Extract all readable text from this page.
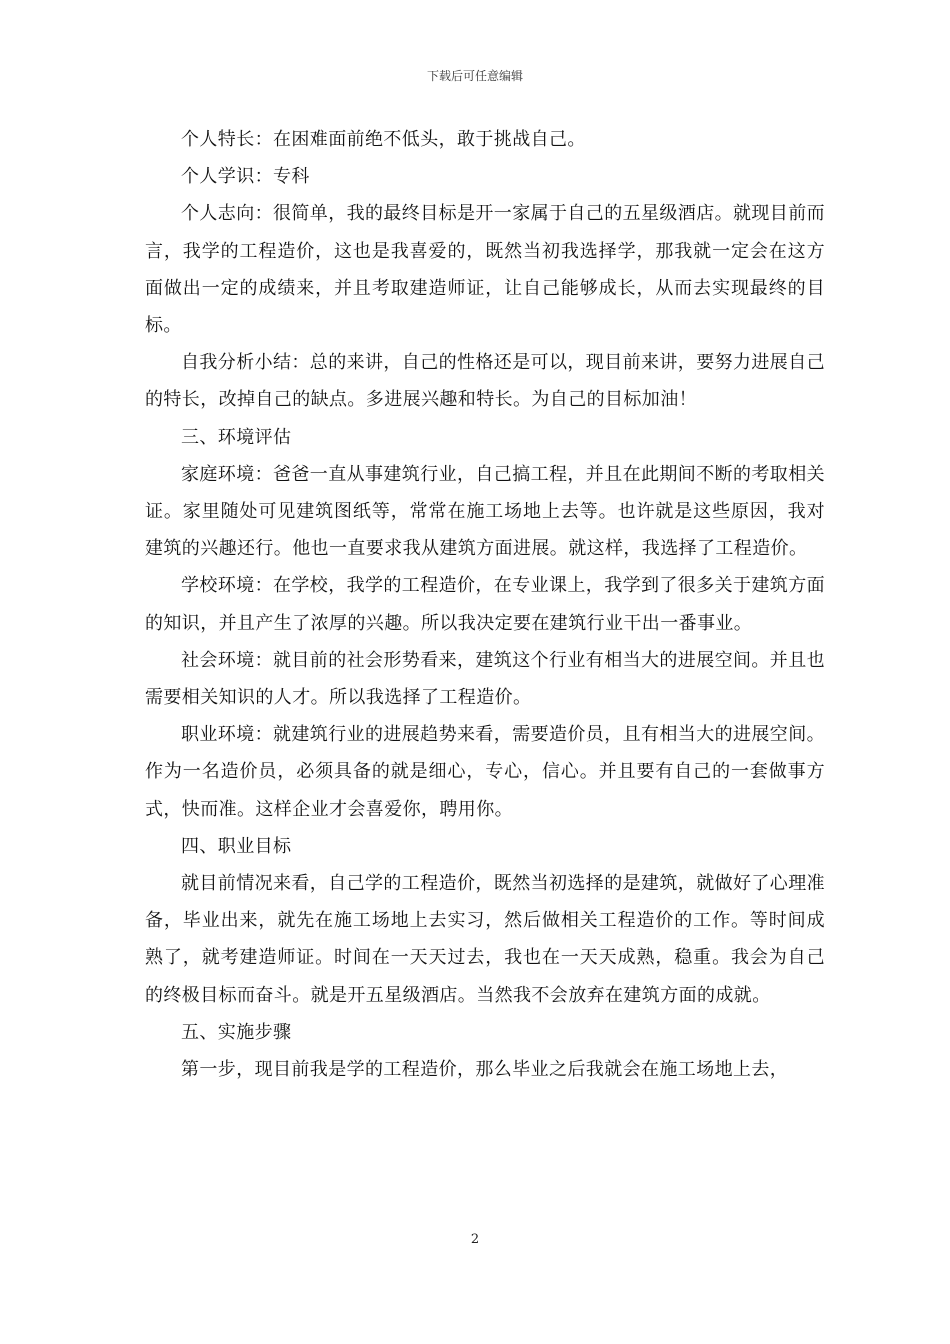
下载后可任意编辑

个人特长：在困难面前绝不低头，敢于挑战自己。

个人学识：专科

个人志向：很简单，我的最终目标是开一家属于自己的五星级酒店。就现目前而言，我学的工程造价，这也是我喜爱的，既然当初我选择学，那我就一定会在这方面做出一定的成绩来，并且考取建造师证，让自己能够成长，从而去实现最终的目标。

自我分析小结：总的来讲，自己的性格还是可以，现目前来讲，要努力进展自己的特长，改掉自己的缺点。多进展兴趣和特长。为自己的目标加油！

三、环境评估

家庭环境：爸爸一直从事建筑行业，自己搞工程，并且在此期间不断的考取相关证。家里随处可见建筑图纸等，常常在施工场地上去等。也许就是这些原因，我对建筑的兴趣还行。他也一直要求我从建筑方面进展。就这样，我选择了工程造价。

学校环境：在学校，我学的工程造价，在专业课上，我学到了很多关于建筑方面的知识，并且产生了浓厚的兴趣。所以我决定要在建筑行业干出一番事业。

社会环境：就目前的社会形势看来，建筑这个行业有相当大的进展空间。并且也需要相关知识的人才。所以我选择了工程造价。

职业环境：就建筑行业的进展趋势来看，需要造价员，且有相当大的进展空间。作为一名造价员，必须具备的就是细心，专心，信心。并且要有自己的一套做事方式，快而准。这样企业才会喜爱你，聘用你。

四、职业目标

就目前情况来看，自己学的工程造价，既然当初选择的是建筑，就做好了心理准备，毕业出来，就先在施工场地上去实习，然后做相关工程造价的工作。等时间成熟了，就考建造师证。时间在一天天过去，我也在一天天成熟，稳重。我会为自己的终极目标而奋斗。就是开五星级酒店。当然我不会放弃在建筑方面的成就。

五、实施步骤

第一步，现目前我是学的工程造价，那么毕业之后我就会在施工场地上去，

2
